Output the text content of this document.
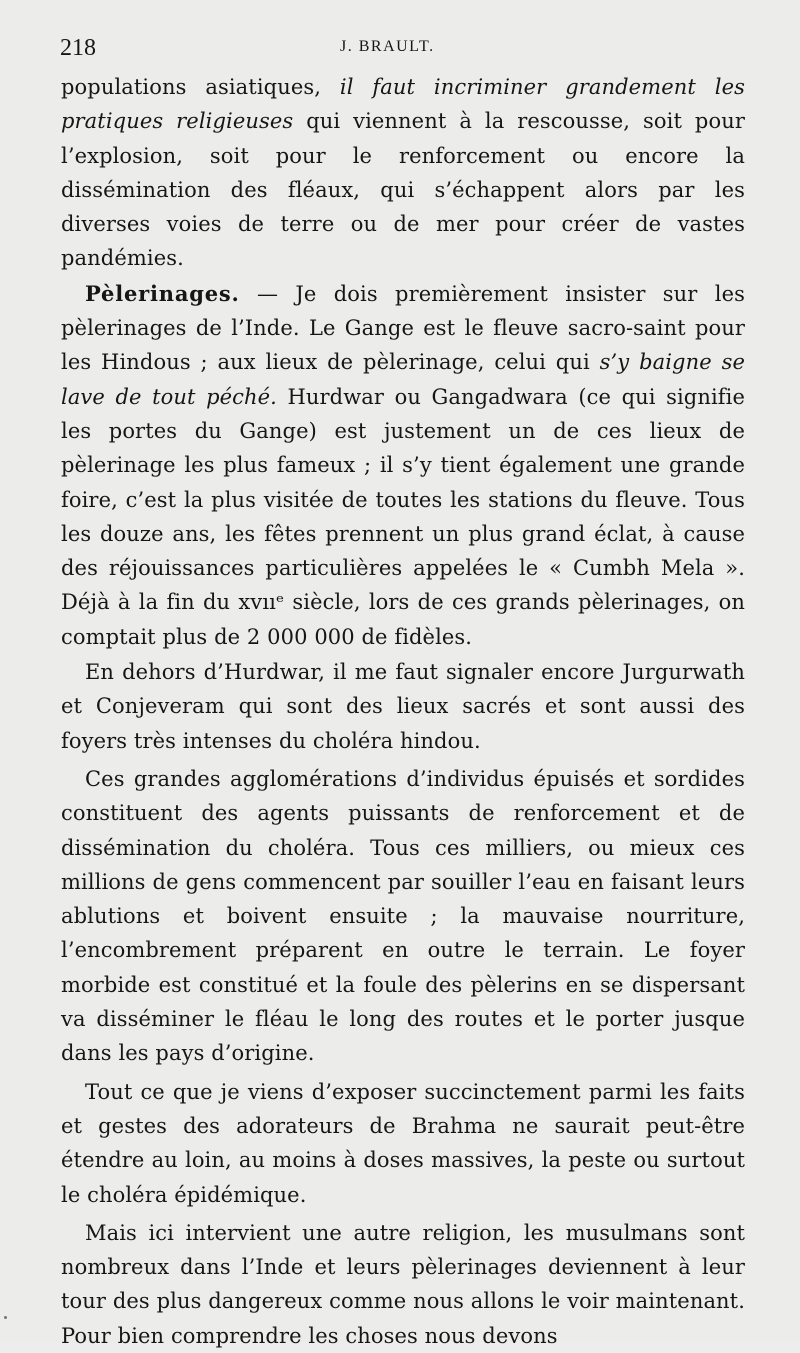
218	J. BRAULT.

populations asiatiques, il faut incriminer grandement les pratiques religieuses qui viennent à la rescousse, soit pour l’explosion, soit pour le renforcement ou encore la dissémination des fléaux, qui s’échappent alors par les diverses voies de terre ou de mer pour créer de vastes pandémies.

Pèlerinages. — Je dois premièrement insister sur les pèlerinages de l’Inde. Le Gange est le fleuve sacro-saint pour les Hindous ; aux lieux de pèlerinage, celui qui s’y baigne se lave de tout péché. Hurdwar ou Gangadwara (ce qui signifie les portes du Gange) est justement un de ces lieux de pèlerinage les plus fameux ; il s’y tient également une grande foire, c’est la plus visitée de toutes les stations du fleuve. Tous les douze ans, les fêtes prennent un plus grand éclat, à cause des réjouissances particulières appelées le « Cumbh Mela ». Déjà à la fin du xvııᵉ siècle, lors de ces grands pèlerinages, on comptait plus de 2 000 000 de fidèles.

En dehors d’Hurdwar, il me faut signaler encore Jurgurwath et Conjeveram qui sont des lieux sacrés et sont aussi des foyers très intenses du choléra hindou.

Ces grandes agglomérations d’individus épuisés et sordides constituent des agents puissants de renforcement et de dissémination du choléra. Tous ces milliers, ou mieux ces millions de gens commencent par souiller l’eau en faisant leurs ablutions et boivent ensuite ; la mauvaise nourriture, l’encombrement préparent en outre le terrain. Le foyer morbide est constitué et la foule des pèlerins en se dispersant va disséminer le fléau le long des routes et le porter jusque dans les pays d’origine.

Tout ce que je viens d’exposer succinctement parmi les faits et gestes des adorateurs de Brahma ne saurait peut-être étendre au loin, au moins à doses massives, la peste ou surtout le choléra épidémique.

Mais ici intervient une autre religion, les musulmans sont nombreux dans l’Inde et leurs pèlerinages deviennent à leur tour des plus dangereux comme nous allons le voir maintenant. Pour bien comprendre les choses nous devons
